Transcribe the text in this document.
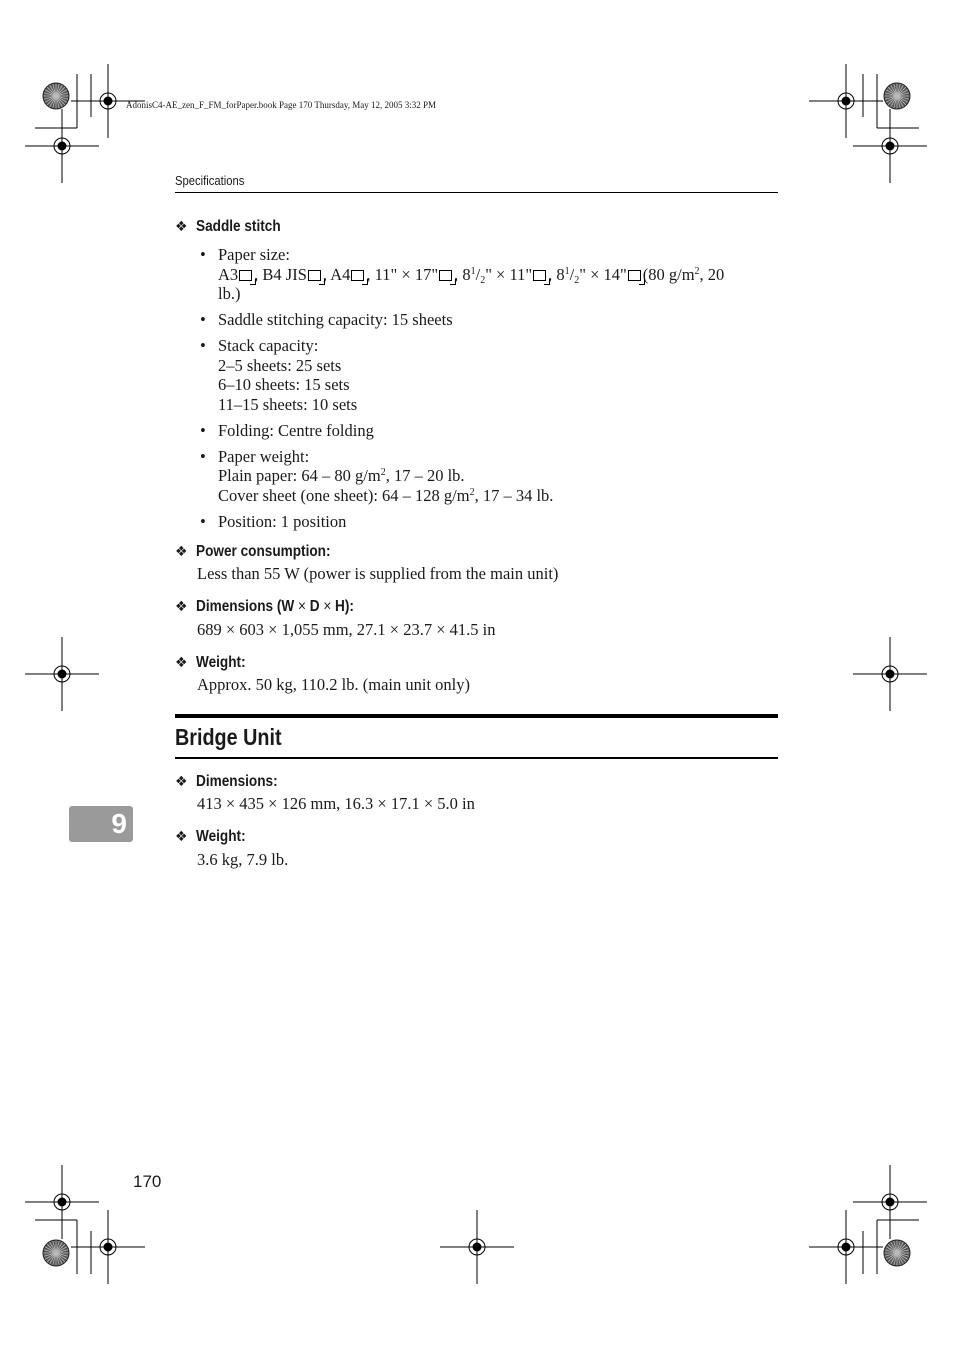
AdonisC4-AE_zen_F_FM_forPaper.book Page 170 Thursday, May 12, 2005 3:32 PM
Specifications
❖ Saddle stitch
• Paper size:
A3 , B4 JIS , A4 , 11" × 17" , $8^1/_2$" × 11" , $8^1/_2$" × 14" (80 $g/m^2$, 20
lb.)
• Saddle stitching capacity: 15 sheets
• Stack capacity:
2–5 sheets: 25 sets
6–10 sheets: 15 sets
11–15 sheets: 10 sets
• Folding: Centre folding
• Paper weight:
Plain paper: 64 – 80 $g/m^2$, 17 – 20 lb.
Cover sheet (one sheet): 64 – 128 $g/m^2$, 17 – 34 lb.
• Position: 1 position
❖ Power consumption:
Less than 55 W (power is supplied from the main unit)
❖ Dimensions (W × D × H):
689 × 603 × 1,055 mm, 27.1 × 23.7 × 41.5 in
❖ Weight:
Approx. 50 kg, 110.2 lb. (main unit only)
Bridge Unit
❖ Dimensions:
413 × 435 × 126 mm, 16.3 × 17.1 × 5.0 in
❖ Weight:
3.6 kg, 7.9 lb.
9
170
